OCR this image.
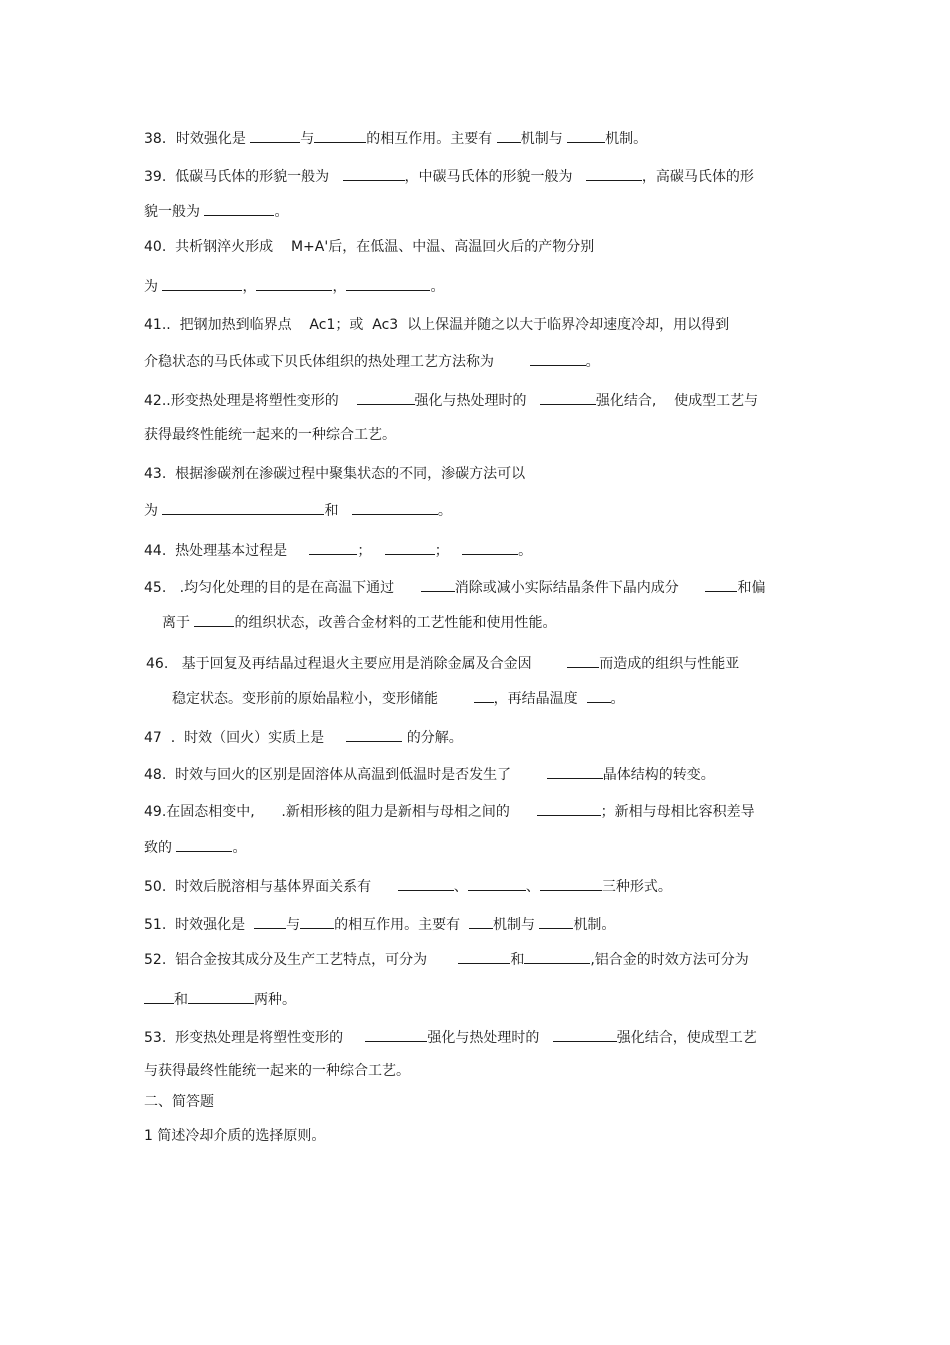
38．时效强化是	与	的相互作用。主要有 机制与	机制。
39.  低碳马氏体的形貌一般为	，中碳马氏体的形貌一般为	，高碳马氏体的形
貌一般为	。
40.  共析钢淬火形成    M+A'后，在低温、中温、高温回火后的产物分别
为	，	，	。
41..  把钢加热到临界点    Ac1；或  Ac3  以上保温并随之以大于临界冷却速度冷却，用以得到
介稳状态的马氏体或下贝氏体组织的热处理工艺方法称为	。
42..形变热处理是将塑性变形的	强化与热处理时的	强化结合,    使成型工艺与
获得最终性能统一起来的一种综合工艺。
43.  根据渗碳剂在渗碳过程中聚集状态的不同，渗碳方法可以
为	和	。
44.  热处理基本过程是	；	；	。
45.   .均匀化处理的目的是在高温下通过      消除或减小实际结晶条件下晶内成分      和偏
离于	的组织状态，改善合金材料的工艺性能和使用性能。
46.   基于回复及再结晶过程退火主要应用是消除金属及合金因        而造成的组织与性能亚
稳定状态。变形前的原始晶粒小，变形储能        ，再结晶温度  。
47  .  时效（回火）实质上是	的分解。
48.  时效与回火的区别是固溶体从高温到低温时是否发生了	晶体结构的转变。
49.在固态相变中,      .新相形核的阻力是新相与母相之间的	；新相与母相比容积差导
致的	。
50.  时效后脱溶相与基体界面关系有	、	、	三种形式。
51.  时效强化是  与 的相互作用。主要有  机制与 机制。
52.  铝合金按其成分及生产工艺特点，可分为	和	,铝合金的时效方法可分为
和	两种。
53.  形变热处理是将塑性变形的	强化与热处理时的	强化结合，使成型工艺
与获得最终性能统一起来的一种综合工艺。
二、简答题
1 简述冷却介质的选择原则。
